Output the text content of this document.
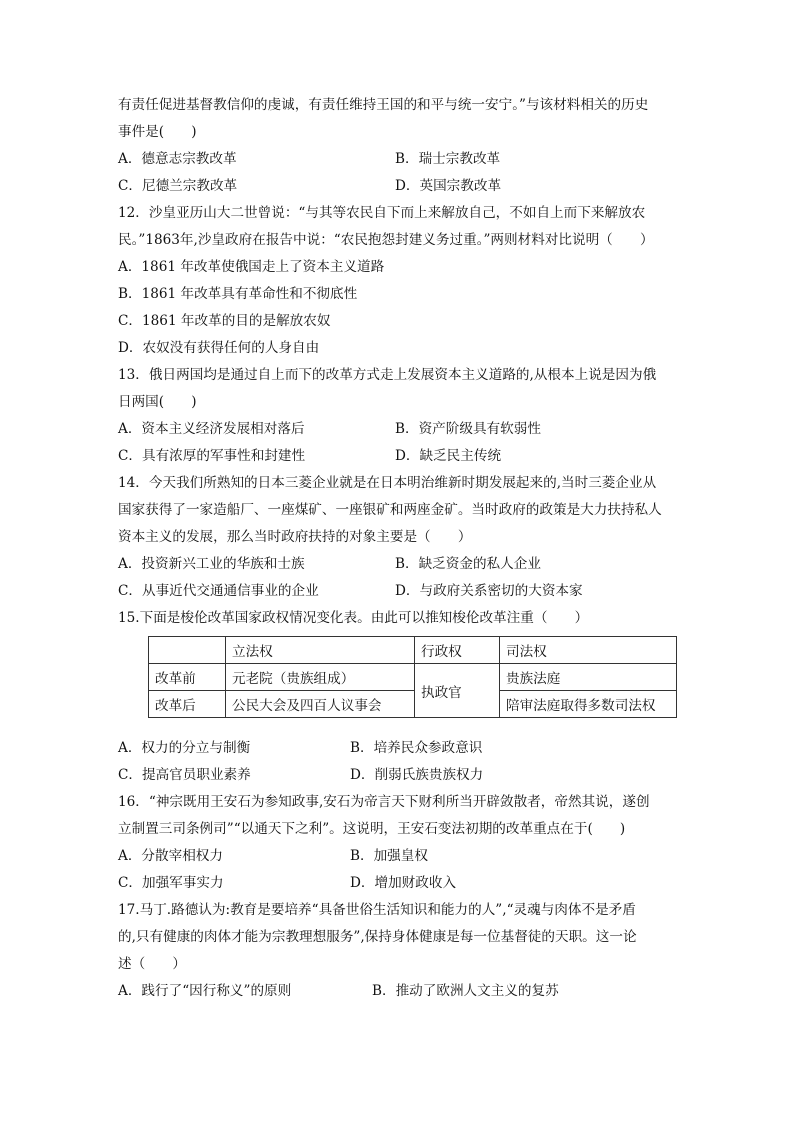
有责任促进基督教信仰的虔诚，有责任维持王国的和平与统一安宁。”与该材料相关的历史
事件是(　　)
A．德意志宗教改革	B．瑞士宗教改革
C．尼德兰宗教改革	D．英国宗教改革
12．沙皇亚历山大二世曾说：“与其等农民自下而上来解放自己，不如自上而下来解放农
民。”1863年,沙皇政府在报告中说：“农民抱怨封建义务过重。”两则材料对比说明（　　）
A．1861 年改革使俄国走上了资本主义道路
B．1861 年改革具有革命性和不彻底性
C．1861 年改革的目的是解放农奴
D．农奴没有获得任何的人身自由
13．俄日两国均是通过自上而下的改革方式走上发展资本主义道路的,从根本上说是因为俄
日两国(　　)
A．资本主义经济发展相对落后	B．资产阶级具有软弱性
C．具有浓厚的军事性和封建性	D．缺乏民主传统
14．今天我们所熟知的日本三菱企业就是在日本明治维新时期发展起来的,当时三菱企业从
国家获得了一家造船厂、一座煤矿、一座银矿和两座金矿。当时政府的政策是大力扶持私人
资本主义的发展，那么当时政府扶持的对象主要是（　　）
A．投资新兴工业的华族和士族	B．缺乏资金的私人企业
C．从事近代交通通信事业的企业	D．与政府关系密切的大资本家
15.下面是梭伦改革国家政权情况变化表。由此可以推知梭伦改革注重（　　）
	立法权	行政权	司法权
改革前	元老院（贵族组成）	执政官	贵族法庭
改革后	公民大会及四百人议事会		陪审法庭取得多数司法权
A．权力的分立与制衡	B．培养民众参政意识
C．提高官员职业素养	D．削弱氏族贵族权力
16．“神宗既用王安石为参知政事,安石为帝言天下财利所当开辟敛散者，帝然其说，遂创
立制置三司条例司”“以通天下之利”。这说明，王安石变法初期的改革重点在于(　　)
A．分散宰相权力	B．加强皇权
C．加强军事实力	D．增加财政收入
17.马丁.路德认为:教育是要培养“具备世俗生活知识和能力的人”,“灵魂与肉体不是矛盾
的,只有健康的肉体才能为宗教理想服务”,保持身体健康是每一位基督徒的天职。这一论
述（　　）
A．践行了“因行称义”的原则	B．推动了欧洲人文主义的复苏
